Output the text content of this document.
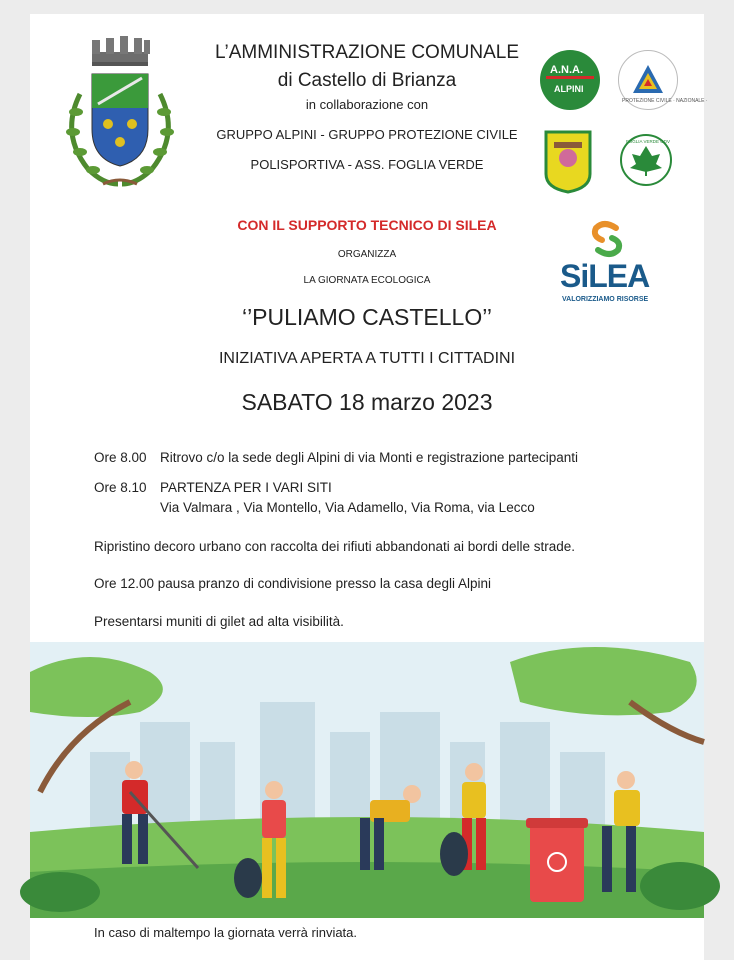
L’AMMINISTRAZIONE COMUNALE
di Castello di Brianza
in collaborazione con
GRUPPO ALPINI - GRUPPO PROTEZIONE CIVILE
POLISPORTIVA - ASS. FOGLIA VERDE
A.N.A.
ALPINI
PROTEZIONE CIVILE · NAZIONALE ·
FOGLIA VERDE ODV
CON IL SUPPORTO TECNICO DI SILEA
ORGANIZZA
LA GIORNATA ECOLOGICA	SiLEA
VALORIZZIAMO RISORSE
‘’PULIAMO CASTELLO’’
INIZIATIVA APERTA A TUTTI I CITTADINI
SABATO 18 marzo 2023
Ore 8.00 Ritrovo c/o la sede degli Alpini di via Monti e registrazione partecipanti
Ore 8.10 PARTENZA PER I VARI SITI
Via Valmara , Via Montello, Via Adamello, Via Roma, via Lecco
Ripristino decoro urbano con raccolta dei rifiuti abbandonati ai bordi delle strade.
Ore 12.00 pausa pranzo di condivisione presso la casa degli Alpini
Presentarsi muniti di gilet ad alta visibilità.
In caso di maltempo la giornata verrà rinviata.
